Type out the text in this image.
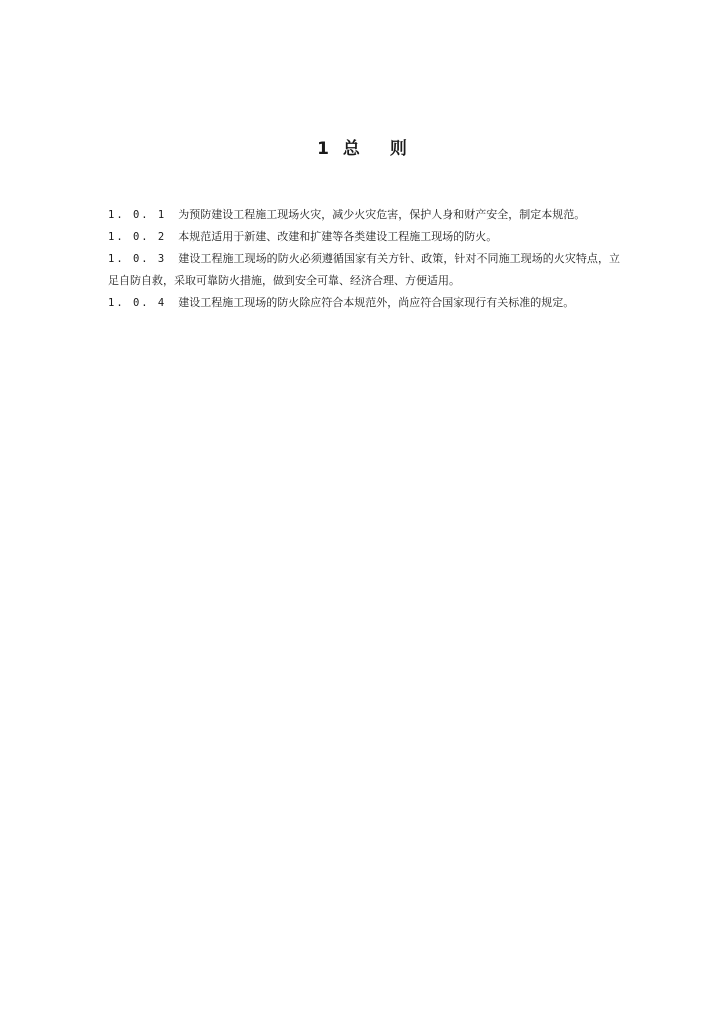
1 总 则

1. 0. 1 为预防建设工程施工现场火灾，减少火灾危害，保护人身和财产安全，制定本规范。

1. 0. 2 本规范适用于新建、改建和扩建等各类建设工程施工现场的防火。

1. 0. 3 建设工程施工现场的防火必须遵循国家有关方针、政策，针对不同施工现场的火灾特点，立足自防自救，采取可靠防火措施，做到安全可靠、经济合理、方便适用。

1. 0. 4 建设工程施工现场的防火除应符合本规范外，尚应符合国家现行有关标准的规定。
